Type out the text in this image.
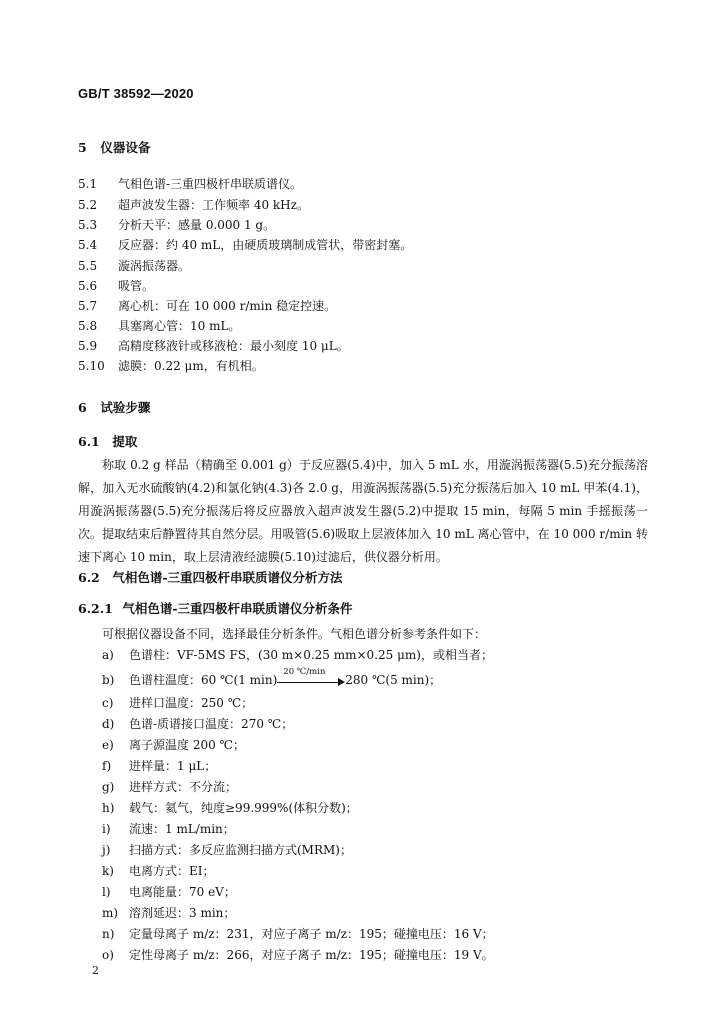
GB/T 38592—2020
5 仪器设备
5.1 气相色谱-三重四极杆串联质谱仪。
5.2 超声波发生器：工作频率 40 kHz。
5.3 分析天平：感量 0.000 1 g。
5.4 反应器：约 40 mL，由硬质玻璃制成管状，带密封塞。
5.5 漩涡振荡器。
5.6 吸管。
5.7 离心机：可在 10 000 r/min 稳定控速。
5.8 具塞离心管：10 mL。
5.9 高精度移液针或移液枪：最小刻度 10 μL。
5.10 滤膜：0.22 μm，有机相。
6 试验步骤
6.1 提取
称取 0.2 g 样品（精确至 0.001 g）于反应器(5.4)中，加入 5 mL 水，用漩涡振荡器(5.5)充分振荡溶解，加入无水硫酸钠(4.2)和氯化钠(4.3)各 2.0 g，用漩涡振荡器(5.5)充分振荡后加入 10 mL 甲苯(4.1)，用漩涡振荡器(5.5)充分振荡后将反应器放入超声波发生器(5.2)中提取 15 min，每隔 5 min 手摇振荡一次。提取结束后静置待其自然分层。用吸管(5.6)吸取上层液体加入 10 mL 离心管中，在 10 000 r/min 转速下离心 10 min，取上层清液经滤膜(5.10)过滤后，供仪器分析用。
6.2 气相色谱-三重四极杆串联质谱仪分析方法
6.2.1 气相色谱-三重四极杆串联质谱仪分析条件
可根据仪器设备不同，选择最佳分析条件。气相色谱分析参考条件如下：
a) 色谱柱：VF-5MS FS，(30 m×0.25 mm×0.25 μm)，或相当者；
b) 色谱柱温度：60 ℃(1 min)
20 ℃/min
280 ℃(5 min)；
c) 进样口温度：250 ℃；
d) 色谱-质谱接口温度：270 ℃；
e) 离子源温度 200 ℃；
f) 进样量：1 μL；
g) 进样方式：不分流；
h) 载气：氦气，纯度≥99.999%(体积分数)；
i) 流速：1 mL/min；
j) 扫描方式：多反应监测扫描方式(MRM)；
k) 电离方式：EI；
l) 电离能量：70 eV；
m) 溶剂延迟：3 min；
n) 定量母离子 m/z：231，对应子离子 m/z：195；碰撞电压：16 V；
o) 定性母离子 m/z：266，对应子离子 m/z：195；碰撞电压：19 V。
2
